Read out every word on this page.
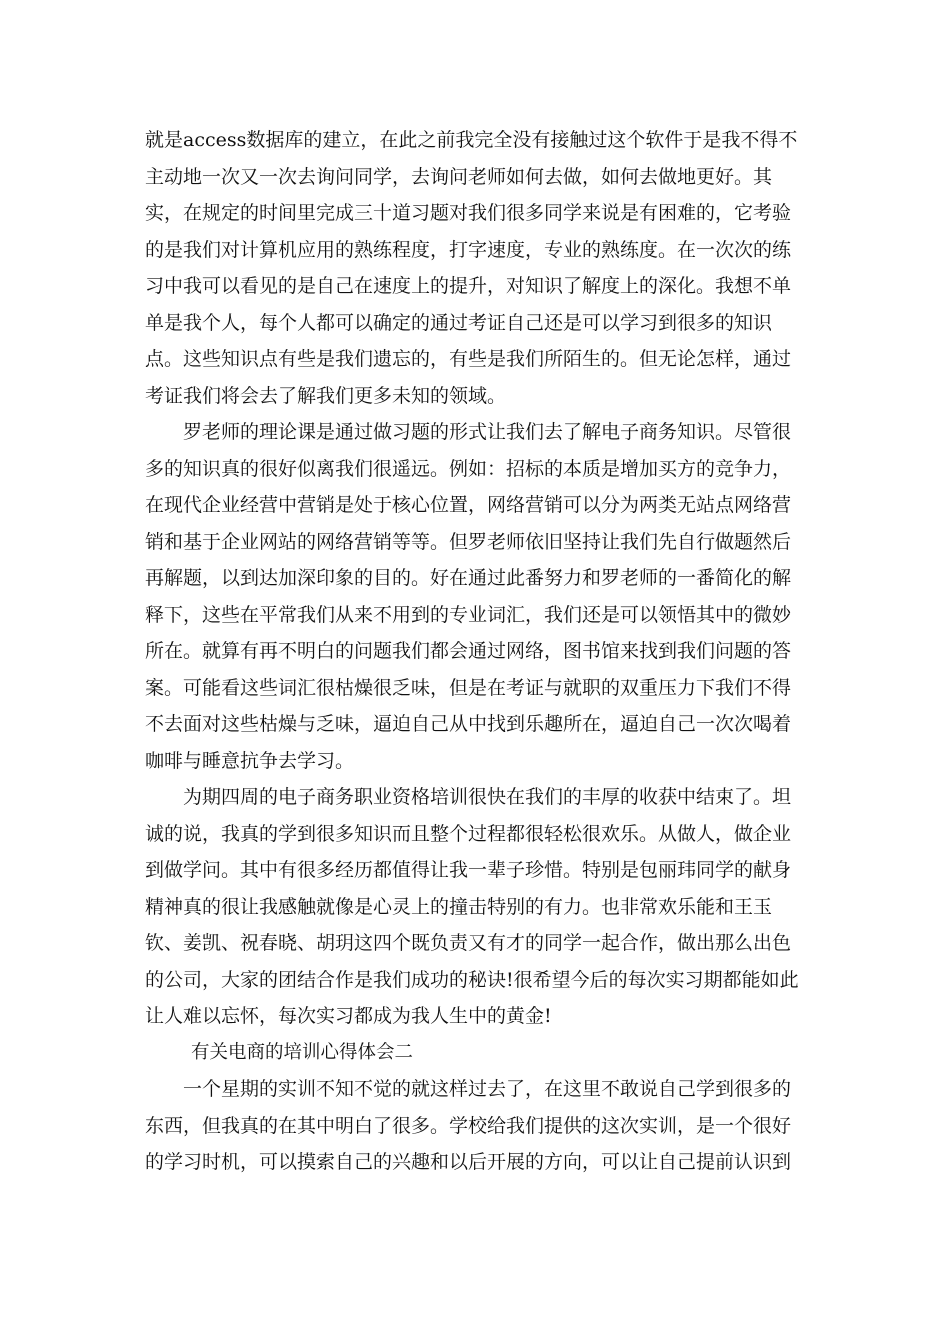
就是access数据库的建立，在此之前我完全没有接触过这个软件于是我不得不
主动地一次又一次去询问同学，去询问老师如何去做，如何去做地更好。其
实，在规定的时间里完成三十道习题对我们很多同学来说是有困难的，它考验
的是我们对计算机应用的熟练程度，打字速度，专业的熟练度。在一次次的练
习中我可以看见的是自己在速度上的提升，对知识了解度上的深化。我想不单
单是我个人，每个人都可以确定的通过考证自己还是可以学习到很多的知识
点。这些知识点有些是我们遗忘的，有些是我们所陌生的。但无论怎样，通过
考证我们将会去了解我们更多未知的领域。
罗老师的理论课是通过做习题的形式让我们去了解电子商务知识。尽管很
多的知识真的很好似离我们很遥远。例如：招标的本质是增加买方的竞争力，
在现代企业经营中营销是处于核心位置，网络营销可以分为两类无站点网络营
销和基于企业网站的网络营销等等。但罗老师依旧坚持让我们先自行做题然后
再解题，以到达加深印象的目的。好在通过此番努力和罗老师的一番简化的解
释下，这些在平常我们从来不用到的专业词汇，我们还是可以领悟其中的微妙
所在。就算有再不明白的问题我们都会通过网络，图书馆来找到我们问题的答
案。可能看这些词汇很枯燥很乏味，但是在考证与就职的双重压力下我们不得
不去面对这些枯燥与乏味，逼迫自己从中找到乐趣所在，逼迫自己一次次喝着
咖啡与睡意抗争去学习。
为期四周的电子商务职业资格培训很快在我们的丰厚的收获中结束了。坦
诚的说，我真的学到很多知识而且整个过程都很轻松很欢乐。从做人，做企业
到做学问。其中有很多经历都值得让我一辈子珍惜。特别是包丽玮同学的献身
精神真的很让我感触就像是心灵上的撞击特别的有力。也非常欢乐能和王玉
钦、姜凯、祝春晓、胡玥这四个既负责又有才的同学一起合作，做出那么出色
的公司，大家的团结合作是我们成功的秘诀!很希望今后的每次实习期都能如此
让人难以忘怀，每次实习都成为我人生中的黄金!
有关电商的培训心得体会二
一个星期的实训不知不觉的就这样过去了，在这里不敢说自己学到很多的
东西，但我真的在其中明白了很多。学校给我们提供的这次实训，是一个很好
的学习时机，可以摸索自己的兴趣和以后开展的方向，可以让自己提前认识到
